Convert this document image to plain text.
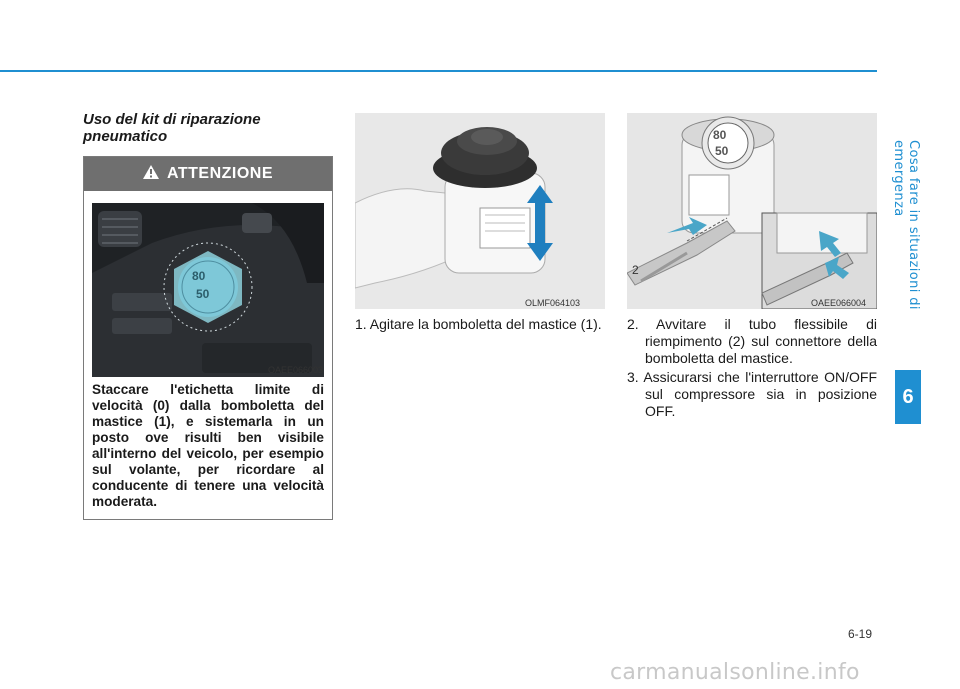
Cosa fare in situazioni di emergenza
6
Uso del kit di riparazione pneumatico
ATTENZIONE
80
50
OAEE066003
Staccare l'etichetta limite di velocità (0) dalla bomboletta del mastice (1), e sistemarla in un posto ove risulti ben visibile all'interno del veicolo, per esempio sul volante, per ricordare al conducente di tenere una velocità moderata.
OLMF064103
80
50
2
OAEE066004
1. Agitare la bomboletta del mastice (1). 2. Avvitare il tubo flessibile di riempimento (2) sul connettore della bomboletta del mastice.
3. Assicurarsi che l'interruttore ON/OFF sul compressore sia in posizione OFF.
6-19
carmanualsonline.info
